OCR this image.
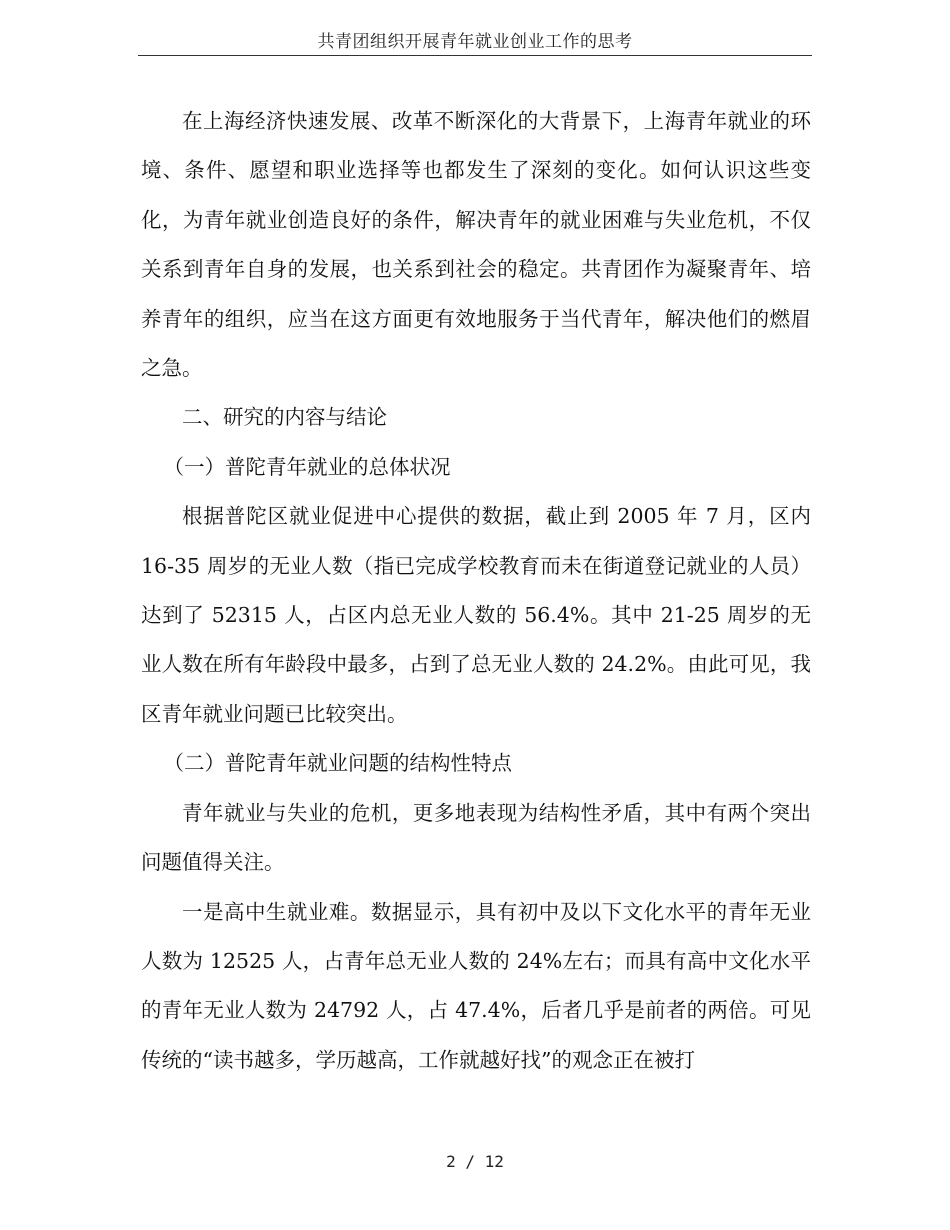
共青团组织开展青年就业创业工作的思考

在上海经济快速发展、改革不断深化的大背景下，上海青年就业的环境、条件、愿望和职业选择等也都发生了深刻的变化。如何认识这些变化，为青年就业创造良好的条件，解决青年的就业困难与失业危机，不仅关系到青年自身的发展，也关系到社会的稳定。共青团作为凝聚青年、培养青年的组织，应当在这方面更有效地服务于当代青年，解决他们的燃眉之急。

二、研究的内容与结论

（一）普陀青年就业的总体状况

根据普陀区就业促进中心提供的数据，截止到 2005 年 7 月，区内 16-35 周岁的无业人数（指已完成学校教育而未在街道登记就业的人员）达到了 52315 人，占区内总无业人数的 56.4%。其中 21-25 周岁的无业人数在所有年龄段中最多，占到了总无业人数的 24.2%。由此可见，我区青年就业问题已比较突出。

（二）普陀青年就业问题的结构性特点

青年就业与失业的危机，更多地表现为结构性矛盾，其中有两个突出问题值得关注。

一是高中生就业难。数据显示，具有初中及以下文化水平的青年无业人数为 12525 人，占青年总无业人数的 24%左右；而具有高中文化水平的青年无业人数为 24792 人，占 47.4%，后者几乎是前者的两倍。可见传统的“读书越多，学历越高，工作就越好找”的观念正在被打

2 / 12
